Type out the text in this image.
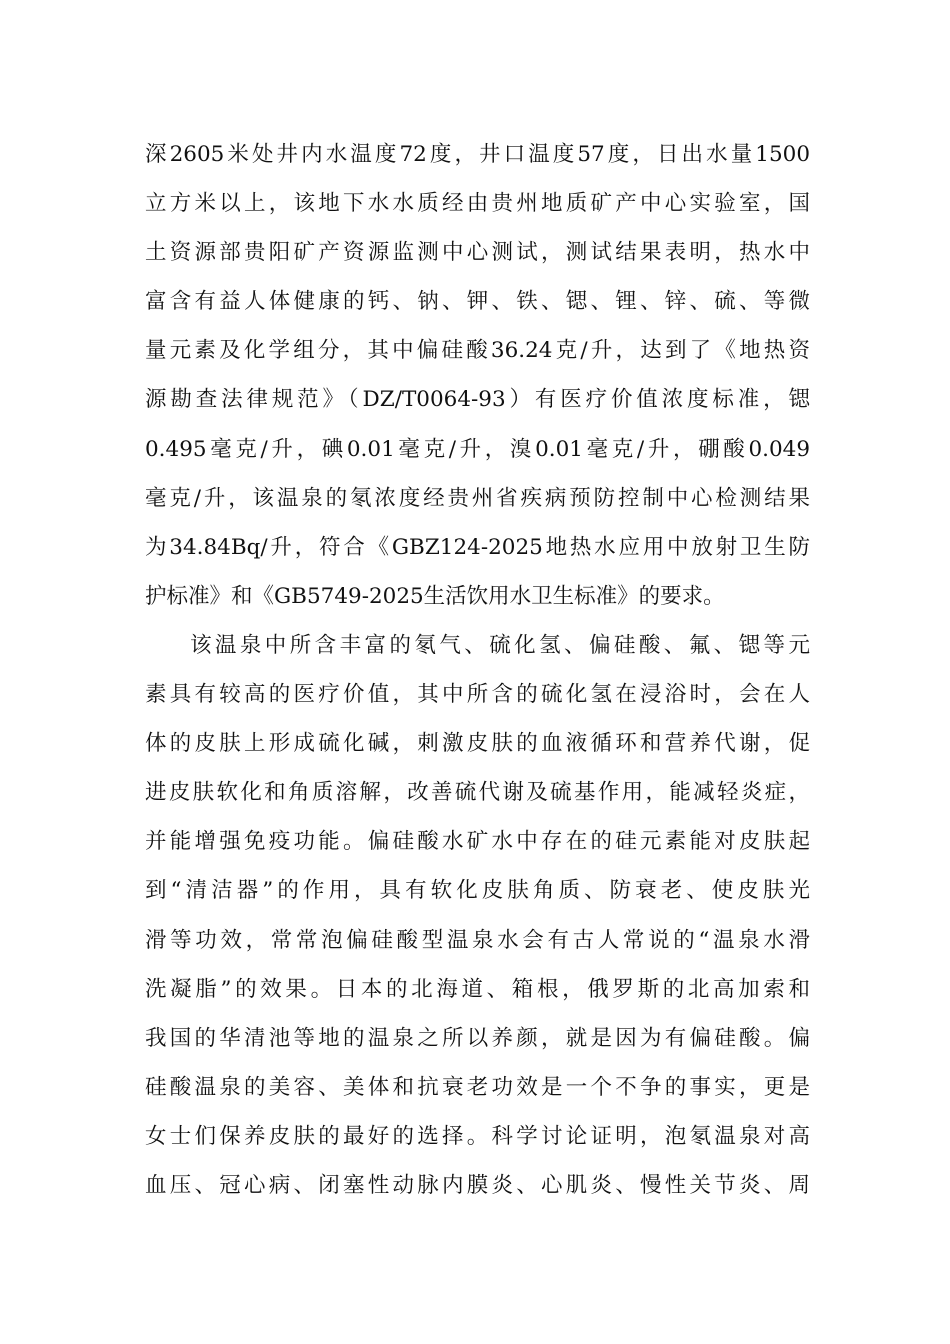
深2605米处井内水温度72度，井口温度57度，日出水量1500
立方米以上，该地下水水质经由贵州地质矿产中心实验室，国
土资源部贵阳矿产资源监测中心测试，测试结果表明，热水中
富含有益人体健康的钙、钠、钾、铁、锶、锂、锌、硫、等微
量元素及化学组分，其中偏硅酸36.24克/升，达到了《地热资
源勘查法律规范》（DZ/T0064-93）有医疗价值浓度标准，锶
0.495毫克/升，碘0.01毫克/升，溴0.01毫克/升，硼酸0.049
毫克/升，该温泉的氡浓度经贵州省疾病预防控制中心检测结果
为34.84Bq/升，符合《GBZ124-2025地热水应用中放射卫生防
护标准》和《GB5749-2025生活饮用水卫生标准》的要求。
该温泉中所含丰富的氡气、硫化氢、偏硅酸、氟、锶等元
素具有较高的医疗价值，其中所含的硫化氢在浸浴时，会在人
体的皮肤上形成硫化碱，刺激皮肤的血液循环和营养代谢，促
进皮肤软化和角质溶解，改善硫代谢及硫基作用，能减轻炎症，
并能增强免疫功能。偏硅酸水矿水中存在的硅元素能对皮肤起
到“清洁器”的作用，具有软化皮肤角质、防衰老、使皮肤光
滑等功效，常常泡偏硅酸型温泉水会有古人常说的“温泉水滑
洗凝脂”的效果。日本的北海道、箱根，俄罗斯的北高加索和
我国的华清池等地的温泉之所以养颜，就是因为有偏硅酸。偏
硅酸温泉的美容、美体和抗衰老功效是一个不争的事实，更是
女士们保养皮肤的最好的选择。科学讨论证明，泡氡温泉对高
血压、冠心病、闭塞性动脉内膜炎、心肌炎、慢性关节炎、周
